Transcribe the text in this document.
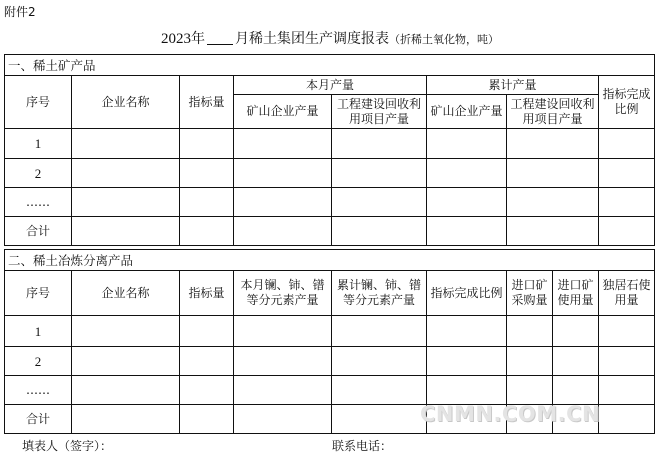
附件2
2023年 月稀土集团生产调度报表（折稀土氧化物，吨）
一、稀土矿产品							
序号	企业名称	指标量	本月产量		累计产量		指标完成比例
			矿山企业产量	工程建设回收利用项目产量	矿山企业产量	工程建设回收利用项目产量	
1							
2							
……							
合计							
二、稀土冶炼分离产品								
序号	企业名称	指标量	本月镧、铈、镨等分元素产量	累计镧、铈、镨等分元素产量	指标完成比例	进口矿采购量	进口矿使用量	独居石使用量
1								
2								
……								
合计								
填表人（签字）：	联系电话：
CNMN.COM.CN
